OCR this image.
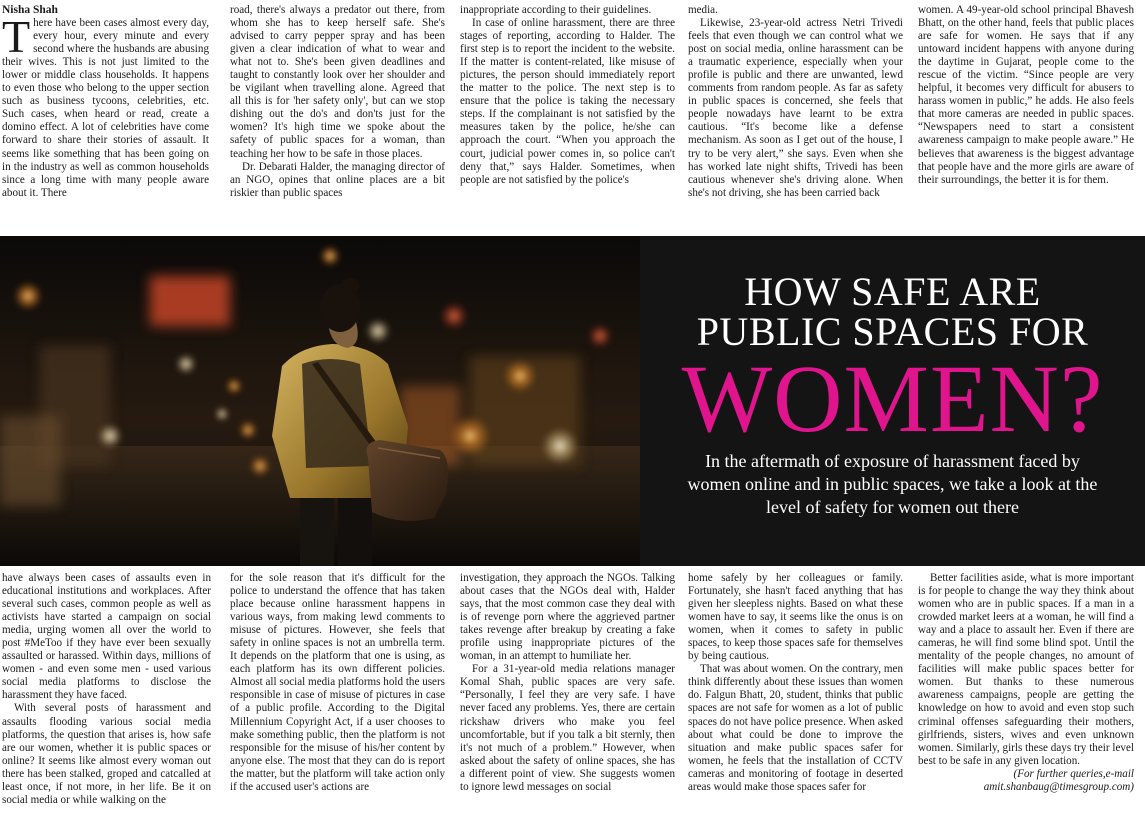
Nisha Shah

There have been cases almost every day, every hour, every minute and every second where the husbands are abusing their wives. This is not just limited to the lower or middle class households. It happens to even those who belong to the upper section such as business tycoons, celebrities, etc. Such cases, when heard or read, create a domino effect. A lot of celebrities have come forward to share their stories of assault. It seems like something that has been going on in the industry as well as common households since a long time with many people aware about it. There

road, there's always a predator out there, from whom she has to keep herself safe. She's advised to carry pepper spray and has been given a clear indication of what to wear and what not to. She's been given deadlines and taught to constantly look over her shoulder and be vigilant when travelling alone. Agreed that all this is for 'her safety only', but can we stop dishing out the do's and don'ts just for the women? It's high time we spoke about the safety of public spaces for a woman, than teaching her how to be safe in those places.

Dr. Debarati Halder, the managing director of an NGO, opines that online places are a bit riskier than public spaces

inappropriate according to their guidelines.

In case of online harassment, there are three stages of reporting, according to Halder. The first step is to report the incident to the website. If the matter is content-related, like misuse of pictures, the person should immediately report the matter to the police. The next step is to ensure that the police is taking the necessary steps. If the complainant is not satisfied by the measures taken by the police, he/she can approach the court. “When you approach the court, judicial power comes in, so police can't deny that,” says Halder. Sometimes, when people are not satisfied by the police's

media.

Likewise, 23-year-old actress Netri Trivedi feels that even though we can control what we post on social media, online harassment can be a traumatic experience, especially when your profile is public and there are unwanted, lewd comments from random people. As far as safety in public spaces is concerned, she feels that people nowadays have learnt to be extra cautious. “It's become like a defense mechanism. As soon as I get out of the house, I try to be very alert,” she says. Even when she has worked late night shifts, Trivedi has been cautious whenever she's driving alone. When she's not driving, she has been carried back

women. A 49-year-old school principal Bhavesh Bhatt, on the other hand, feels that public places are safe for women. He says that if any untoward incident happens with anyone during the daytime in Gujarat, people come to the rescue of the victim. “Since people are very helpful, it becomes very difficult for abusers to harass women in public,” he adds. He also feels that more cameras are needed in public spaces. “Newspapers need to start a consistent awareness campaign to make people aware.” He believes that awareness is the biggest advantage that people have and the more girls are aware of their surroundings, the better it is for them.

HOW SAFE ARE
PUBLIC SPACES FOR
WOMEN?
In the aftermath of exposure of harassment faced by women online and in public spaces, we take a look at the level of safety for women out there

have always been cases of assaults even in educational institutions and workplaces. After several such cases, common people as well as activists have started a campaign on social media, urging women all over the world to post #MeToo if they have ever been sexually assaulted or harassed. Within days, millions of women - and even some men - used various social media platforms to disclose the harassment they have faced.

With several posts of harassment and assaults flooding various social media platforms, the question that arises is, how safe are our women, whether it is public spaces or online? It seems like almost every woman out there has been stalked, groped and catcalled at least once, if not more, in her life. Be it on social media or while walking on the

for the sole reason that it's difficult for the police to understand the offence that has taken place because online harassment happens in various ways, from making lewd comments to misuse of pictures. However, she feels that safety in online spaces is not an umbrella term. It depends on the platform that one is using, as each platform has its own different policies. Almost all social media platforms hold the users responsible in case of misuse of pictures in case of a public profile. According to the Digital Millennium Copyright Act, if a user chooses to make something public, then the platform is not responsible for the misuse of his/her content by anyone else. The most that they can do is report the matter, but the platform will take action only if the accused user's actions are

investigation, they approach the NGOs. Talking about cases that the NGOs deal with, Halder says, that the most common case they deal with is of revenge porn where the aggrieved partner takes revenge after breakup by creating a fake profile using inappropriate pictures of the woman, in an attempt to humiliate her.

For a 31-year-old media relations manager Komal Shah, public spaces are very safe. “Personally, I feel they are very safe. I have never faced any problems. Yes, there are certain rickshaw drivers who make you feel uncomfortable, but if you talk a bit sternly, then it's not much of a problem.” However, when asked about the safety of online spaces, she has a different point of view. She suggests women to ignore lewd messages on social

home safely by her colleagues or family. Fortunately, she hasn't faced anything that has given her sleepless nights. Based on what these women have to say, it seems like the onus is on women, when it comes to safety in public spaces, to keep those spaces safe for themselves by being cautious.

That was about women. On the contrary, men think differently about these issues than women do. Falgun Bhatt, 20, student, thinks that public spaces are not safe for women as a lot of public spaces do not have police presence. When asked about what could be done to improve the situation and make public spaces safer for women, he feels that the installation of CCTV cameras and monitoring of footage in deserted areas would make those spaces safer for

Better facilities aside, what is more important is for people to change the way they think about women who are in public spaces. If a man in a crowded market leers at a woman, he will find a way and a place to assault her. Even if there are cameras, he will find some blind spot. Until the mentality of the people changes, no amount of facilities will make public spaces better for women. But thanks to these numerous awareness campaigns, people are getting the knowledge on how to avoid and even stop such criminal offenses safeguarding their mothers, girlfriends, sisters, wives and even unknown women. Similarly, girls these days try their level best to be safe in any given location.

(For further queries,e-mail

amit.shanbaug@timesgroup.com)
